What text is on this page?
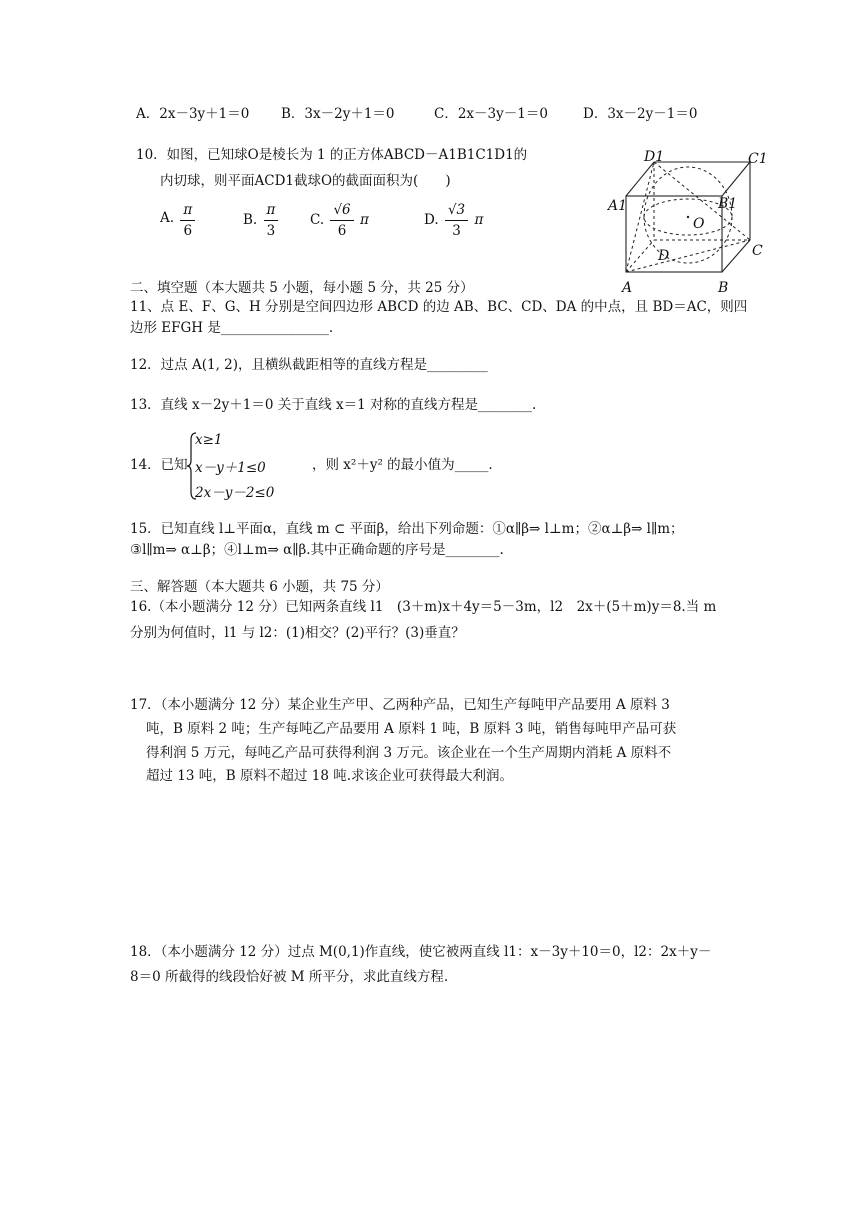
A．2x－3y＋1＝0 B．3x－2y＋1＝0	C．2x－3y－1＝0	D．3x－2y－1＝0
10．如图，已知球O是棱长为 1 的正方体ABCD－A1B1C1D1的
内切球，则平面ACD1截球O的截面面积为(　　)
A. $\frac{\pi}{6}$	B. $\frac{\pi}{3} C$. $\frac{√6}{6}$ π	D. $\frac{√3}{3}$ π
D1	C1
A1	B1
O
D	C
A	B
二、填空题（本大题共 5 小题，每小题 5 分，共 25 分）
11、点 E、F、G、H 分别是空间四边形 ABCD 的边 AB、BC、CD、DA 的中点，且 BD＝AC，则四
边形 EFGH 是________________.
12．过点 A(1, 2)，且横纵截距相等的直线方程是_________
13．直线 x－2y＋1＝0 关于直线 x＝1 对称的直线方程是________.
14．已知
x≥1
x－y＋1≤0
2x－y－2≤0
，则 x²＋y² 的最小值为_____.
15．已知直线 l⊥平面α，直线 m ⊂ 平面β，给出下列命题：①α∥β⇒ l⊥m；②α⊥β⇒ l∥m；
③l∥m⇒ α⊥β；④l⊥m⇒ α∥β.其中正确命题的序号是________.
三、解答题（本大题共 6 小题，共 75 分）
16.（本小题满分 12 分）已知两条直线 l1　(3＋m)x＋4y＝5－3m，l2　2x＋(5＋m)y＝8.当 m
分别为何值时，l1 与 l2：(1)相交？(2)平行？(3)垂直？
17．（本小题满分 12 分）某企业生产甲、乙两种产品，已知生产每吨甲产品要用 A 原料 3
吨，B 原料 2 吨；生产每吨乙产品要用 A 原料 1 吨，B 原料 3 吨，销售每吨甲产品可获
得利润 5 万元，每吨乙产品可获得利润 3 万元。该企业在一个生产周期内消耗 A 原料不
超过 13 吨，B 原料不超过 18 吨.求该企业可获得最大利润。
18．（本小题满分 12 分）过点 M(0,1)作直线，使它被两直线 l1：x－3y＋10＝0，l2：2x＋y－
8＝0 所截得的线段恰好被 M 所平分，求此直线方程.
